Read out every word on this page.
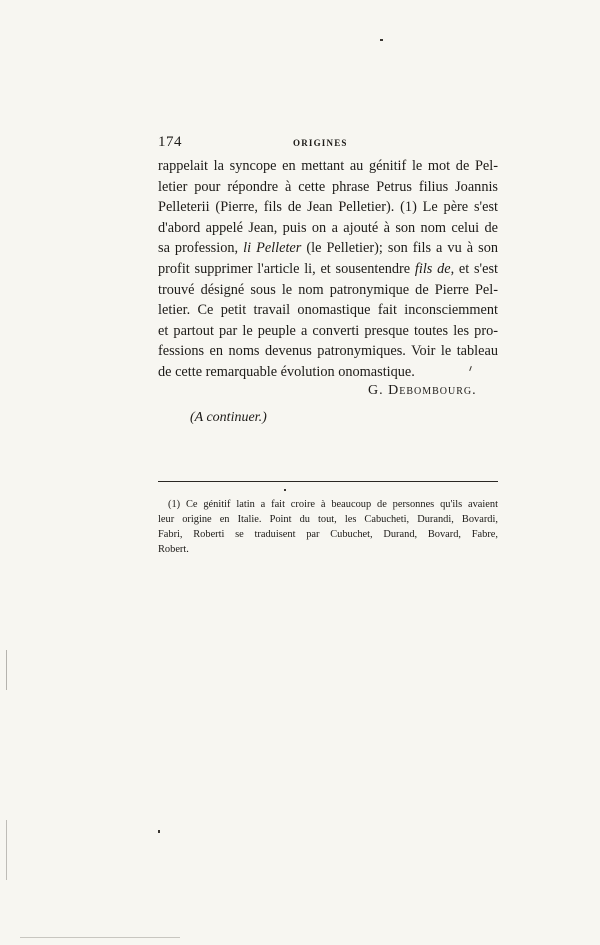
174	ORIGINES
rappelait la syncope en mettant au génitif le mot de Pel-
letier pour répondre à cette phrase Petrus filius Joannis
Pelleterii (Pierre, fils de Jean Pelletier). (1) Le père s'est
d'abord appelé Jean, puis on a ajouté à son nom celui de
sa profession, li Pelleter (le Pelletier); son fils a vu à son
profit supprimer l'article li, et sousentendre fils de, et s'est
trouvé désigné sous le nom patronymique de Pierre Pel-
letier. Ce petit travail onomastique fait inconsciemment
et partout par le peuple a converti presque toutes les pro-
fessions en noms devenus patronymiques. Voir le tableau
de cette remarquable évolution onomastique.
G. Debombourg.
(A continuer.)
(1) Ce génitif latin a fait croire à beaucoup de personnes qu'ils avaient
leur origine en Italie. Point du tout, les Cabucheti, Durandi, Bovardi,
Fabri, Roberti se traduisent par Cubuchet, Durand, Bovard, Fabre,
Robert.
